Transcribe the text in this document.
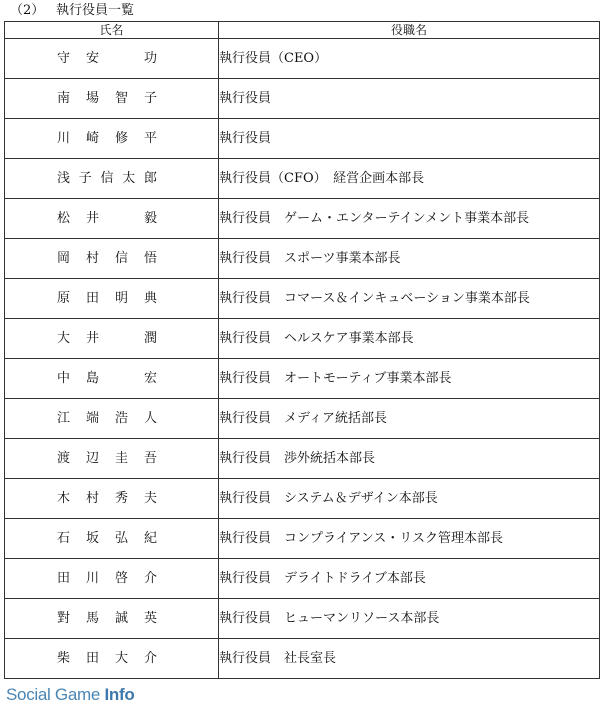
（2） 執行役員一覧
氏名	役職名

守 安 功	執行役員（CEO）

南 場 智 子	執行役員

川 崎 修 平	執行役員

浅 子 信 太 郎	執行役員（CFO）　経営企画本部長

松 井 毅	執行役員　ゲーム・エンターテインメント事業本部長

岡 村 信 悟	執行役員　スポーツ事業本部長

原 田 明 典	執行役員　コマース＆インキュベーション事業本部長

大 井 潤	執行役員　ヘルスケア事業本部長

中 島 宏	執行役員　オートモーティブ事業本部長

江 端 浩 人	執行役員　メディア統括部長

渡 辺 圭 吾	執行役員　渉外統括本部長

木 村 秀 夫	執行役員　システム＆デザイン本部長

石 坂 弘 紀	執行役員　コンプライアンス・リスク管理本部長

田 川 啓 介	執行役員　デライトドライブ本部長

對 馬 誠 英	執行役員　ヒューマンリソース本部長

柴 田 大 介	執行役員　社長室長
Social Game Info
